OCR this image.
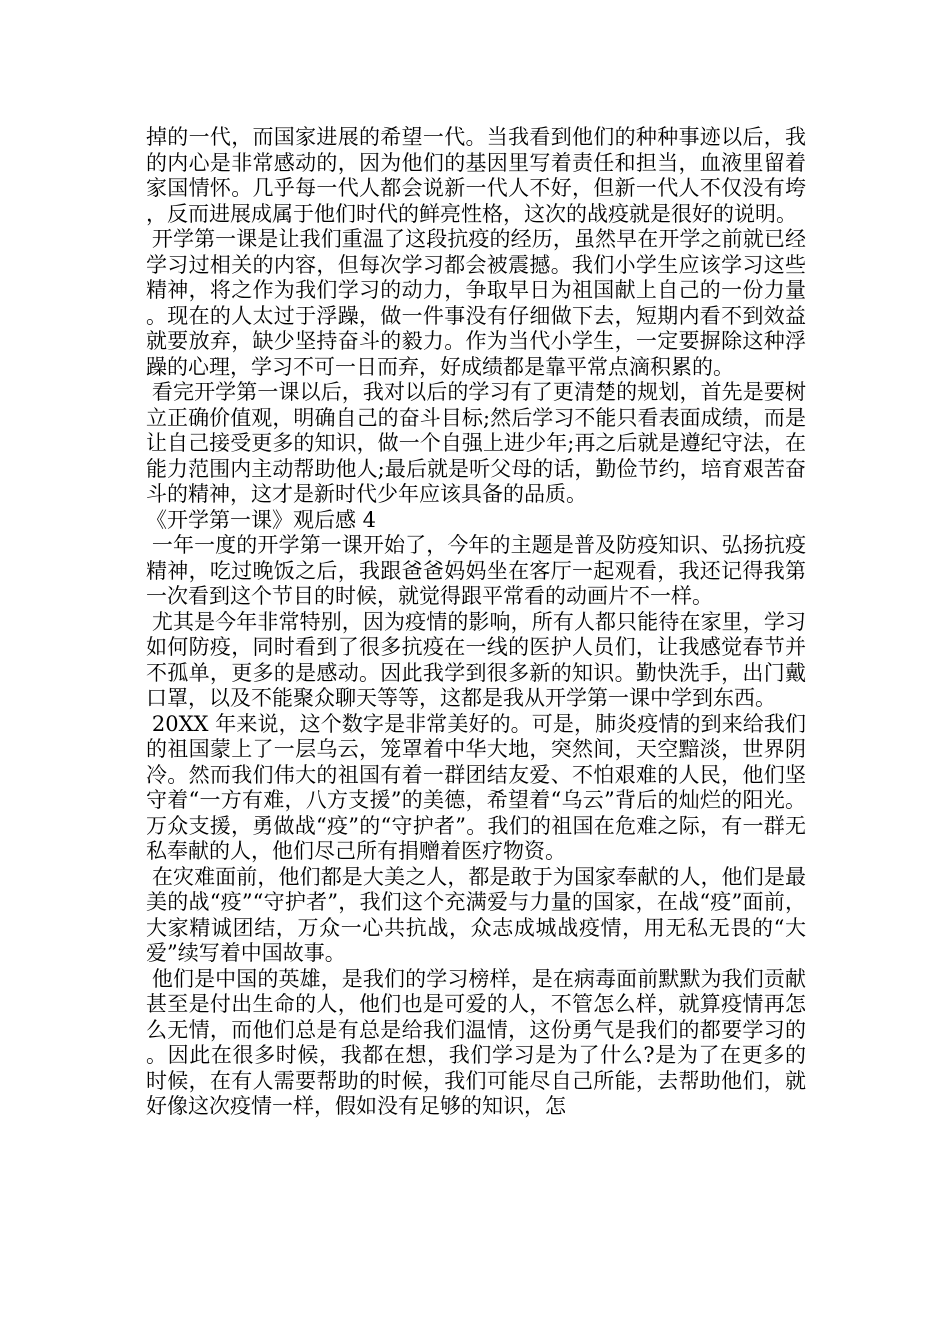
掉的一代，而国家进展的希望一代。当我看到他们的种种事迹以后，我的内心是非常感动的，因为他们的基因里写着责任和担当，血液里留着家国情怀。几乎每一代人都会说新一代人不好，但新一代人不仅没有垮，反而进展成属于他们时代的鲜亮性格，这次的战疫就是很好的说明。

开学第一课是让我们重温了这段抗疫的经历，虽然早在开学之前就已经学习过相关的内容，但每次学习都会被震撼。我们小学生应该学习这些精神，将之作为我们学习的动力，争取早日为祖国献上自己的一份力量。现在的人太过于浮躁，做一件事没有仔细做下去，短期内看不到效益就要放弃，缺少坚持奋斗的毅力。作为当代小学生，一定要摒除这种浮躁的心理，学习不可一日而弃，好成绩都是靠平常点滴积累的。

看完开学第一课以后，我对以后的学习有了更清楚的规划，首先是要树立正确价值观，明确自己的奋斗目标;然后学习不能只看表面成绩，而是让自己接受更多的知识，做一个自强上进少年;再之后就是遵纪守法，在能力范围内主动帮助他人;最后就是听父母的话，勤俭节约，培育艰苦奋斗的精神，这才是新时代少年应该具备的品质。

《开学第一课》观后感 4

一年一度的开学第一课开始了，今年的主题是普及防疫知识、弘扬抗疫精神，吃过晚饭之后，我跟爸爸妈妈坐在客厅一起观看，我还记得我第一次看到这个节目的时候，就觉得跟平常看的动画片不一样。

尤其是今年非常特别，因为疫情的影响，所有人都只能待在家里，学习如何防疫，同时看到了很多抗疫在一线的医护人员们，让我感觉春节并不孤单，更多的是感动。因此我学到很多新的知识。勤快洗手，出门戴口罩，以及不能聚众聊天等等，这都是我从开学第一课中学到东西。

20XX 年来说，这个数字是非常美好的。可是，肺炎疫情的到来给我们的祖国蒙上了一层乌云，笼罩着中华大地，突然间，天空黯淡，世界阴冷。然而我们伟大的祖国有着一群团结友爱、不怕艰难的人民，他们坚守着“一方有难，八方支援”的美德，希望着“乌云”背后的灿烂的阳光。万众支援，勇做战“疫”的“守护者”。我们的祖国在危难之际，有一群无私奉献的人，他们尽己所有捐赠着医疗物资。

在灾难面前，他们都是大美之人，都是敢于为国家奉献的人，他们是最美的战“疫”“守护者”，我们这个充满爱与力量的国家，在战“疫”面前，大家精诚团结，万众一心共抗战，众志成城战疫情，用无私无畏的“大爱”续写着中国故事。

他们是中国的英雄，是我们的学习榜样，是在病毒面前默默为我们贡献甚至是付出生命的人，他们也是可爱的人，不管怎么样，就算疫情再怎么无情，而他们总是有总是给我们温情，这份勇气是我们的都要学习的。因此在很多时候，我都在想，我们学习是为了什么?是为了在更多的时候，在有人需要帮助的时候，我们可能尽自己所能，去帮助他们，就好像这次疫情一样，假如没有足够的知识，怎
